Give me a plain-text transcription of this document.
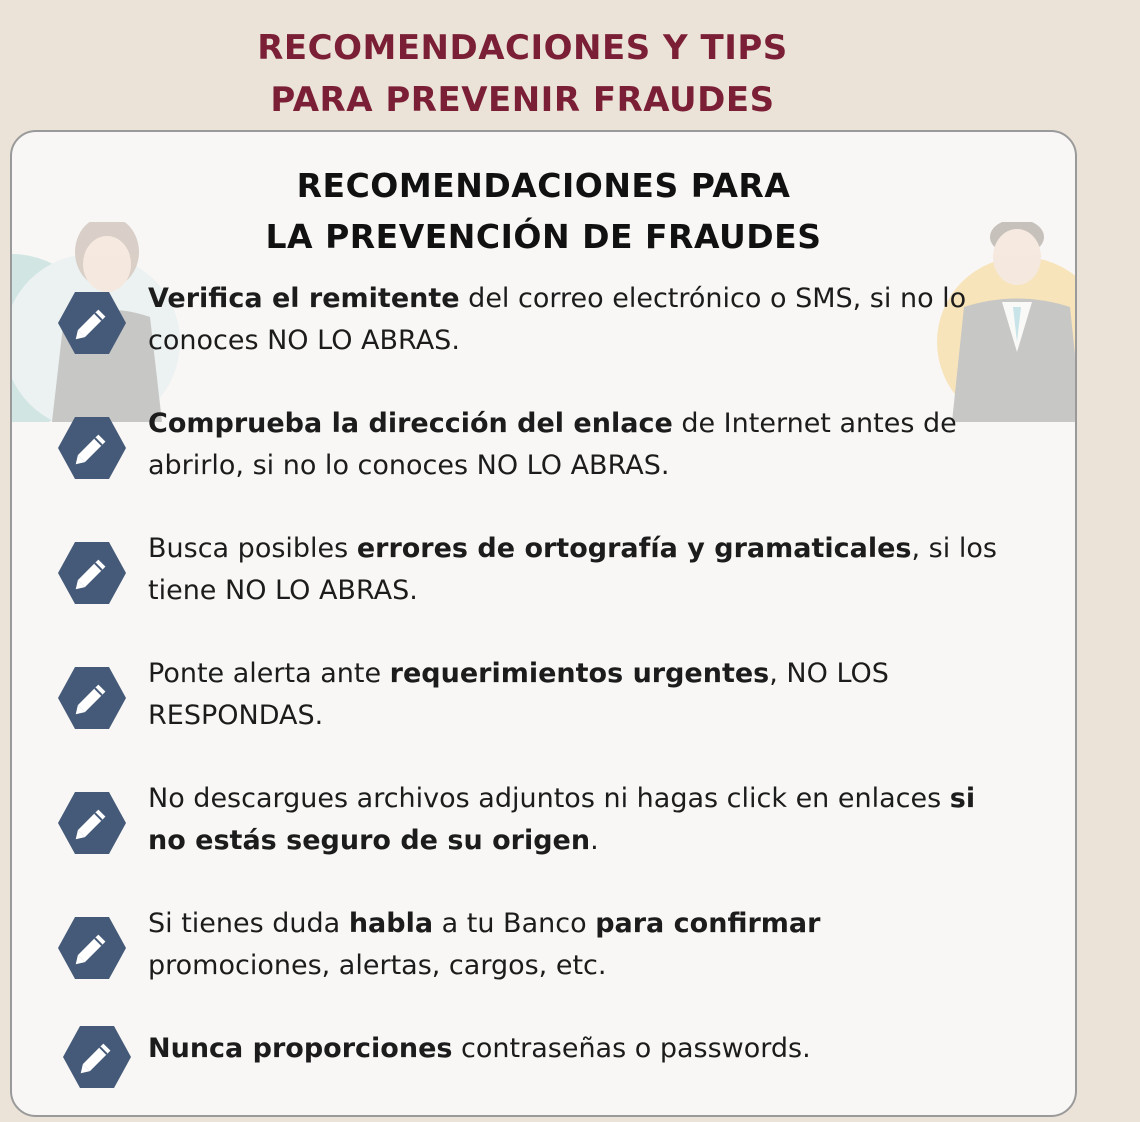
RECOMENDACIONES Y TIPS
PARA PREVENIR FRAUDES
RECOMENDACIONES PARA
LA PREVENCIÓN DE FRAUDES
Verifica el remitente del correo electrónico o SMS, si no lo conoces NO LO ABRAS.
Comprueba la dirección del enlace de Internet antes de abrirlo, si no lo conoces NO LO ABRAS.
Busca posibles errores de ortografía y gramaticales, si los tiene NO LO ABRAS.
Ponte alerta ante requerimientos urgentes, NO LOS RESPONDAS.
No descargues archivos adjuntos ni hagas click en enlaces si no estás seguro de su origen.
Si tienes duda habla a tu Banco para confirmar promociones, alertas, cargos, etc.
Nunca proporciones contraseñas o passwords.
